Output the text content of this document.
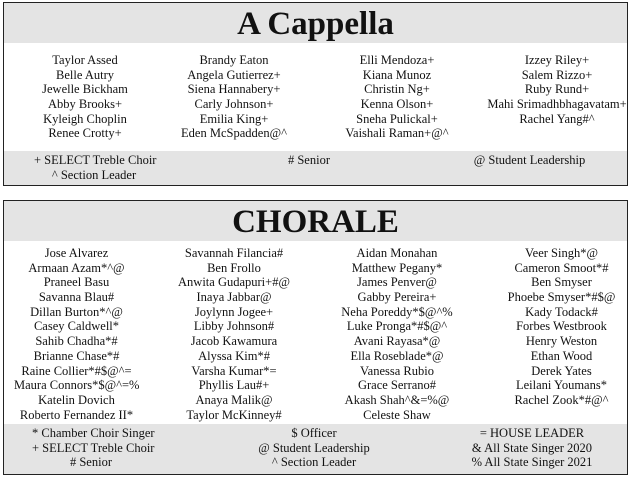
A Cappella
Taylor Assed
Belle Autry
Jewelle Bickham
Abby Brooks+
Kyleigh Choplin
Renee Crotty+
Brandy Eaton
Angela Gutierrez+
Siena Hannabery+
Carly Johnson+
Emilia King+
Eden McSpadden@^
Elli Mendoza+
Kiana Munoz
Christin Ng+
Kenna Olson+
Sneha Pulickal+
Vaishali Raman+@^
Izzey Riley+
Salem Rizzo+
Ruby Rund+
Mahi Srimadhbhagavatam+
Rachel Yang#^
+ SELECT Treble Choir
^ Section Leader
# Senior	@ Student Leadership
CHORALE
Jose Alvarez
Armaan Azam*^@
Praneel Basu
Savanna Blau#
Dillan Burton*^@
Casey Caldwell*
Sahib Chadha*#
Brianne Chase*#
Raine Collier*#$@^=
Maura Connors*$@^=%
Katelin Dovich
Roberto Fernandez II*
Savannah Filancia#
Ben Frollo
Anwita Gudapuri+#@
Inaya Jabbar@
Joylynn Jogee+
Libby Johnson#
Jacob Kawamura
Alyssa Kim*#
Varsha Kumar*=
Phyllis Lau#+
Anaya Malik@
Taylor McKinney#
Aidan Monahan
Matthew Pegany*
James Penver@
Gabby Pereira+
Neha Poreddy*$@^%
Luke Pronga*#$@^
Avani Rayasa*@
Ella Roseblade*@
Vanessa Rubio
Grace Serrano#
Akash Shah^&=%@
Celeste Shaw
Veer Singh*@
Cameron Smoot*#
Ben Smyser
Phoebe Smyser*#$@
Kady Todack#
Forbes Westbrook
Henry Weston
Ethan Wood
Derek Yates
Leilani Youmans*
Rachel Zook*#@^
* Chamber Choir Singer
+ SELECT Treble Choir
# Senior
$ Officer
@ Student Leadership
^ Section Leader
= HOUSE LEADER
& All State Singer 2020
% All State Singer 2021
